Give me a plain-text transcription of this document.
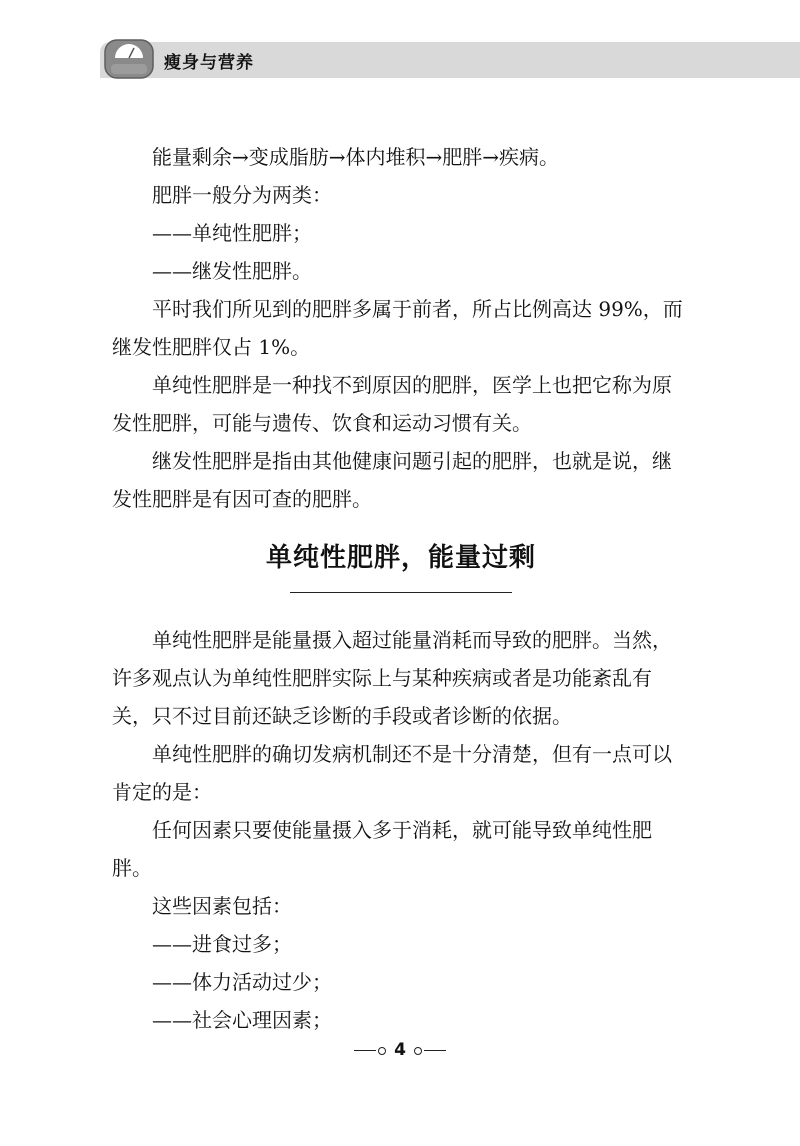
瘦身与营养

能量剩余→变成脂肪→体内堆积→肥胖→疾病。

肥胖一般分为两类：

——单纯性肥胖；

——继发性肥胖。

平时我们所见到的肥胖多属于前者，所占比例高达 99%，而继发性肥胖仅占 1%。

单纯性肥胖是一种找不到原因的肥胖，医学上也把它称为原发性肥胖，可能与遗传、饮食和运动习惯有关。

继发性肥胖是指由其他健康问题引起的肥胖，也就是说，继发性肥胖是有因可查的肥胖。

单纯性肥胖，能量过剩

单纯性肥胖是能量摄入超过能量消耗而导致的肥胖。当然，许多观点认为单纯性肥胖实际上与某种疾病或者是功能紊乱有关，只不过目前还缺乏诊断的手段或者诊断的依据。

单纯性肥胖的确切发病机制还不是十分清楚，但有一点可以肯定的是：

任何因素只要使能量摄入多于消耗，就可能导致单纯性肥胖。

这些因素包括：

——进食过多；

——体力活动过少；

——社会心理因素；

4
